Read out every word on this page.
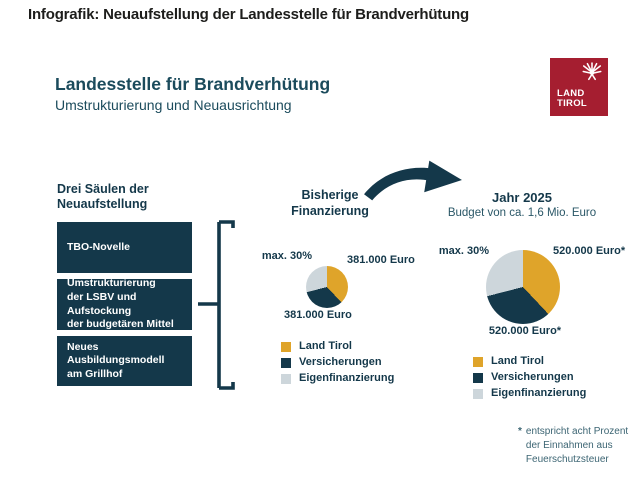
Infografik: Neuaufstellung der Landesstelle für Brandverhütung
Landesstelle für Brandverhütung
Umstrukturierung und Neuausrichtung
LAND
TIROL
Drei Säulen der
Neuaufstellung
TBO-Novelle
Umstrukturierung
der LSBV und Aufstockung
der budgetären Mittel
Neues
Ausbildungsmodell
am Grillhof
Bisherige
Finanzierung
max. 30%	381.000 Euro
381.000 Euro
Land Tirol
Versicherungen
Eigenfinanzierung
Jahr 2025
Budget von ca. 1,6 Mio. Euro
max. 30%	520.000 Euro*
520.000 Euro*
Land Tirol
Versicherungen
Eigenfinanzierung
* entspricht acht Prozent
der Einnahmen aus
Feuerschutzsteuer
